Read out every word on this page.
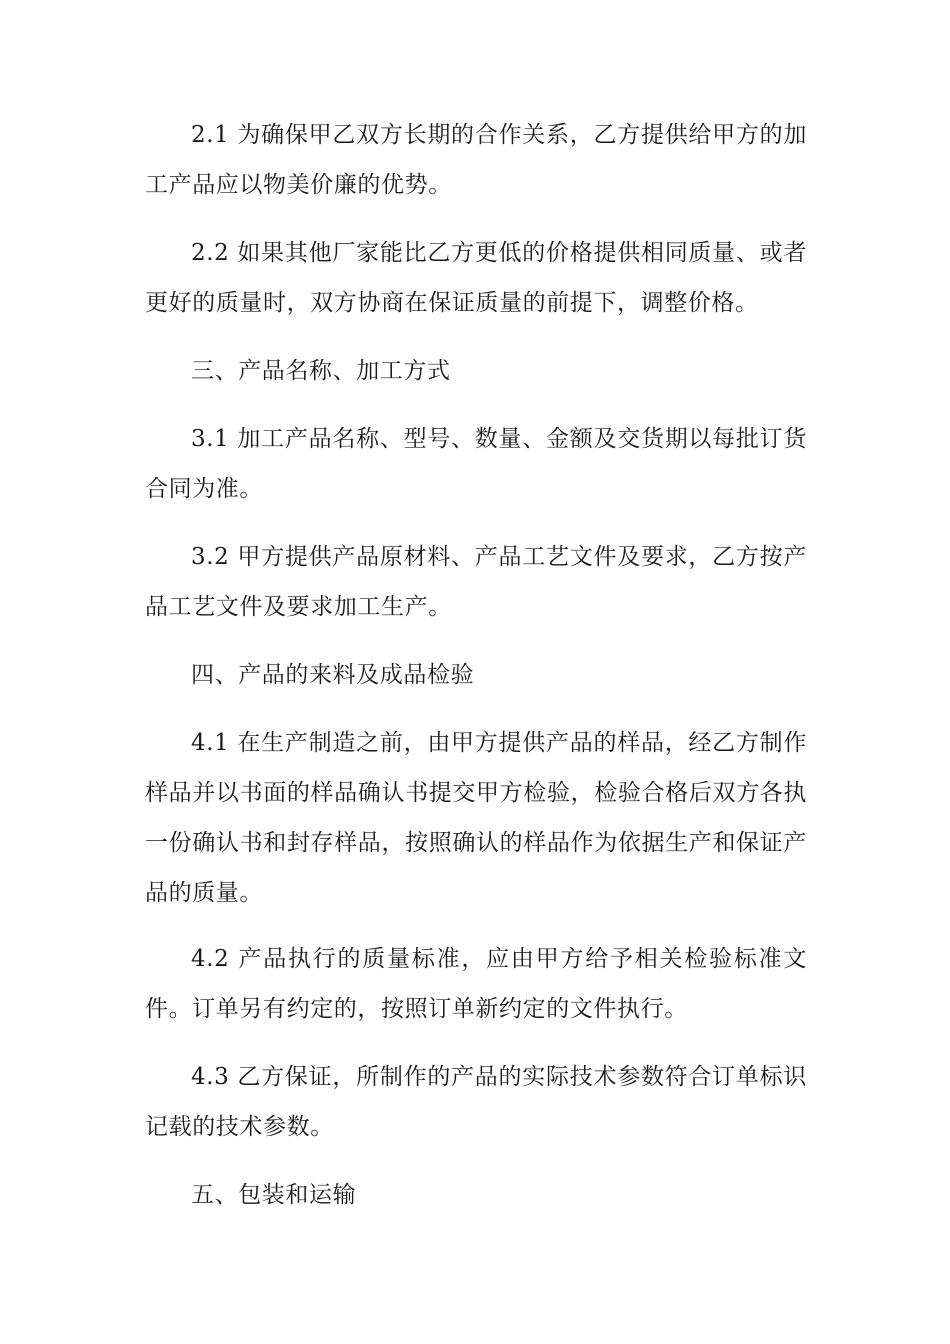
2.1 为确保甲乙双方长期的合作关系，乙方提供给甲方的加工产品应以物美价廉的优势。

2.2 如果其他厂家能比乙方更低的价格提供相同质量、或者更好的质量时，双方协商在保证质量的前提下，调整价格。

三、产品名称、加工方式

3.1 加工产品名称、型号、数量、金额及交货期以每批订货合同为准。

3.2 甲方提供产品原材料、产品工艺文件及要求，乙方按产品工艺文件及要求加工生产。

四、产品的来料及成品检验

4.1 在生产制造之前，由甲方提供产品的样品，经乙方制作样品并以书面的样品确认书提交甲方检验，检验合格后双方各执一份确认书和封存样品，按照确认的样品作为依据生产和保证产品的质量。

4.2 产品执行的质量标准，应由甲方给予相关检验标准文件。订单另有约定的，按照订单新约定的文件执行。

4.3 乙方保证，所制作的产品的实际技术参数符合订单标识记载的技术参数。

五、包装和运输
